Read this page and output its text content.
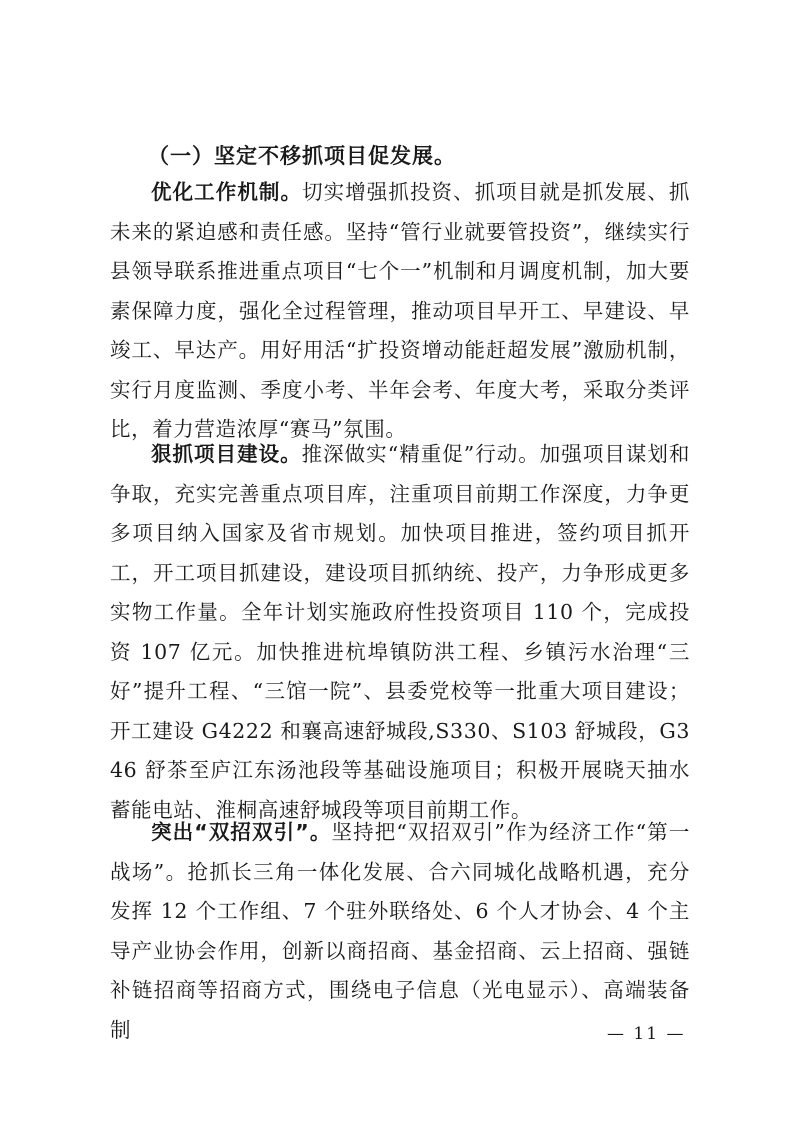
（一）坚定不移抓项目促发展。

优化工作机制。切实增强抓投资、抓项目就是抓发展、抓未来的紧迫感和责任感。坚持“管行业就要管投资”，继续实行县领导联系推进重点项目“七个一”机制和月调度机制，加大要素保障力度，强化全过程管理，推动项目早开工、早建设、早竣工、早达产。用好用活“扩投资增动能赶超发展”激励机制，实行月度监测、季度小考、半年会考、年度大考，采取分类评比，着力营造浓厚“赛马”氛围。

狠抓项目建设。推深做实“精重促”行动。加强项目谋划和争取，充实完善重点项目库，注重项目前期工作深度，力争更多项目纳入国家及省市规划。加快项目推进，签约项目抓开工，开工项目抓建设，建设项目抓纳统、投产，力争形成更多实物工作量。全年计划实施政府性投资项目 110 个，完成投资 107 亿元。加快推进杭埠镇防洪工程、乡镇污水治理“三好”提升工程、“三馆一院”、县委党校等一批重大项目建设；开工建设 G4222 和襄高速舒城段,S330、S103 舒城段，G346 舒茶至庐江东汤池段等基础设施项目；积极开展晓天抽水蓄能电站、淮桐高速舒城段等项目前期工作。

突出“双招双引”。坚持把“双招双引”作为经济工作“第一战场”。抢抓长三角一体化发展、合六同城化战略机遇，充分发挥 12 个工作组、7 个驻外联络处、6 个人才协会、4 个主导产业协会作用，创新以商招商、基金招商、云上招商、强链补链招商等招商方式，围绕电子信息（光电显示）、高端装备制	— 11 —
